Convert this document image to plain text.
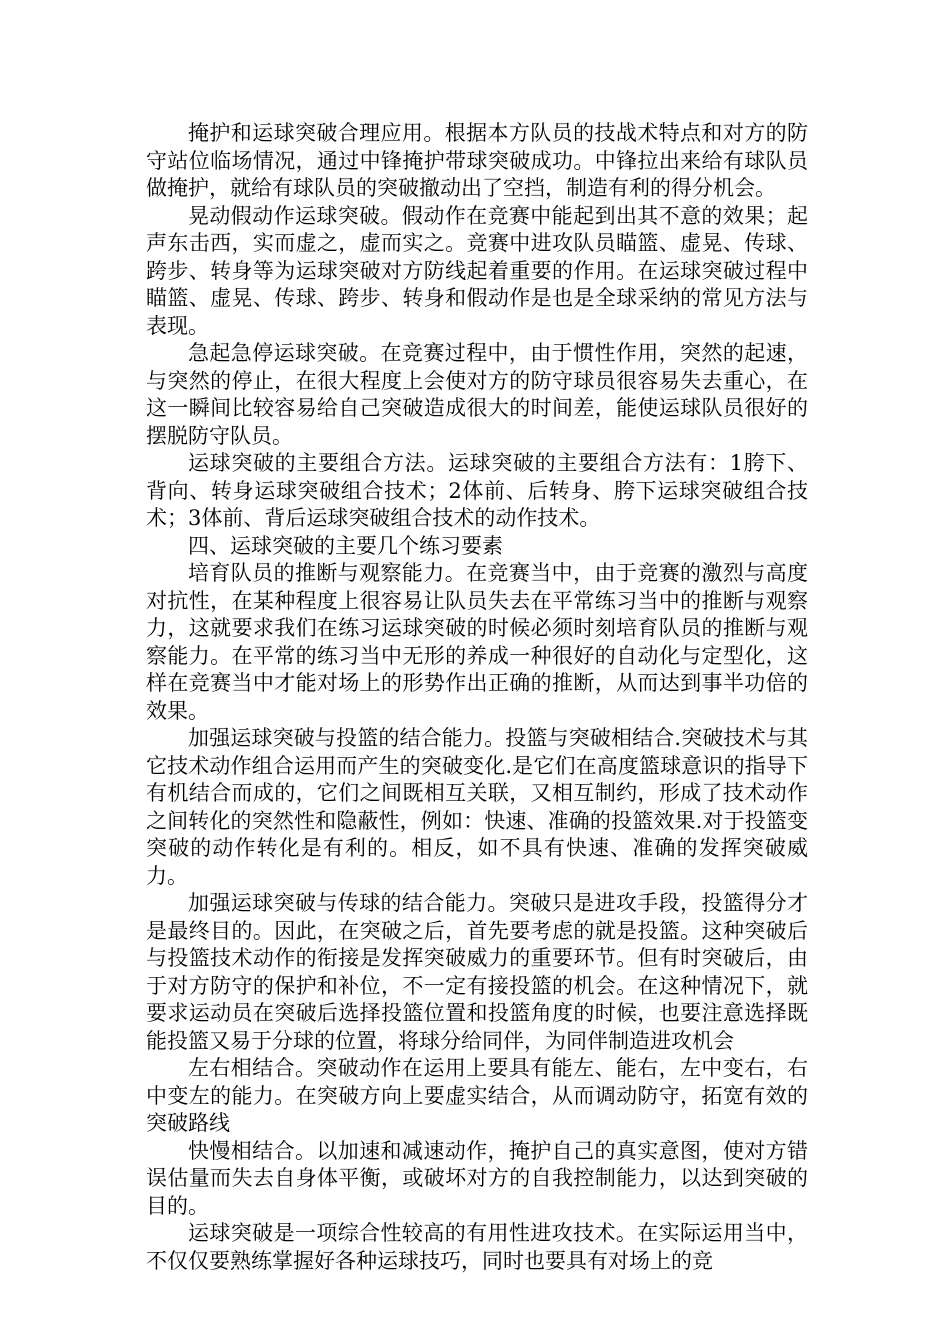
掩护和运球突破合理应用。根据本方队员的技战术特点和对方的防守站位临场情况，通过中锋掩护带球突破成功。中锋拉出来给有球队员做掩护，就给有球队员的突破撤动出了空挡，制造有利的得分机会。

晃动假动作运球突破。假动作在竞赛中能起到出其不意的效果；起声东击西，实而虚之，虚而实之。竞赛中进攻队员瞄篮、虚晃、传球、跨步、转身等为运球突破对方防线起着重要的作用。在运球突破过程中瞄篮、虚晃、传球、跨步、转身和假动作是也是全球采纳的常见方法与表现。

急起急停运球突破。在竞赛过程中，由于惯性作用，突然的起速，与突然的停止，在很大程度上会使对方的防守球员很容易失去重心，在这一瞬间比较容易给自己突破造成很大的时间差，能使运球队员很好的摆脱防守队员。

运球突破的主要组合方法。运球突破的主要组合方法有：1胯下、背向、转身运球突破组合技术；2体前、后转身、胯下运球突破组合技术；3体前、背后运球突破组合技术的动作技术。

四、运球突破的主要几个练习要素

培育队员的推断与观察能力。在竞赛当中，由于竞赛的激烈与高度对抗性，在某种程度上很容易让队员失去在平常练习当中的推断与观察力，这就要求我们在练习运球突破的时候必须时刻培育队员的推断与观察能力。在平常的练习当中无形的养成一种很好的自动化与定型化，这样在竞赛当中才能对场上的形势作出正确的推断，从而达到事半功倍的效果。

加强运球突破与投篮的结合能力。投篮与突破相结合.突破技术与其它技术动作组合运用而产生的突破变化.是它们在高度篮球意识的指导下有机结合而成的，它们之间既相互关联，又相互制约，形成了技术动作之间转化的突然性和隐蔽性，例如：快速、准确的投篮效果.对于投篮变突破的动作转化是有利的。相反，如不具有快速、准确的发挥突破威力。

加强运球突破与传球的结合能力。突破只是进攻手段，投篮得分才是最终目的。因此，在突破之后，首先要考虑的就是投篮。这种突破后与投篮技术动作的衔接是发挥突破威力的重要环节。但有时突破后，由于对方防守的保护和补位，不一定有接投篮的机会。在这种情况下，就要求运动员在突破后选择投篮位置和投篮角度的时候，也要注意选择既能投篮又易于分球的位置，将球分给同伴，为同伴制造进攻机会

左右相结合。突破动作在运用上要具有能左、能右，左中变右，右中变左的能力。在突破方向上要虚实结合，从而调动防守，拓宽有效的突破路线

快慢相结合。以加速和减速动作，掩护自己的真实意图，使对方错误估量而失去自身体平衡，或破坏对方的自我控制能力，以达到突破的目的。

运球突破是一项综合性较高的有用性进攻技术。在实际运用当中，不仅仅要熟练掌握好各种运球技巧，同时也要具有对场上的竞
